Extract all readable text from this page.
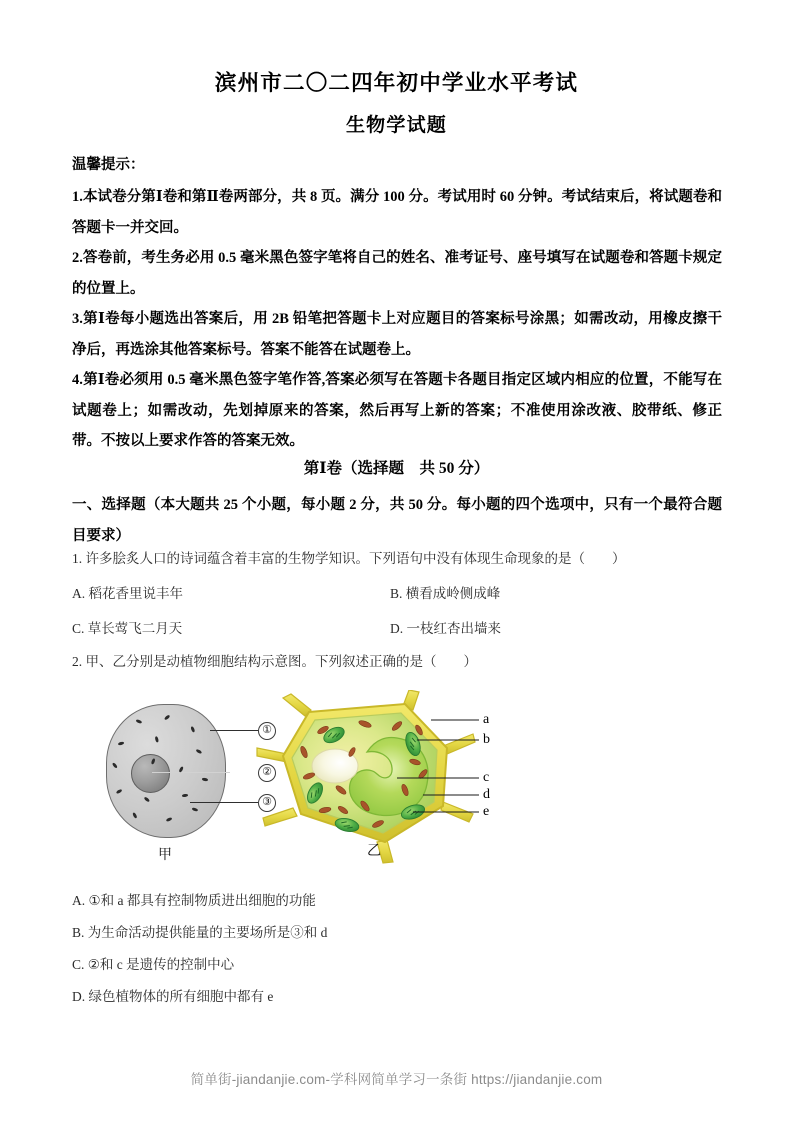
滨州市二〇二四年初中学业水平考试
生物学试题

温馨提示：

1.本试卷分第Ⅰ卷和第Ⅱ卷两部分，共 8 页。满分 100 分。考试用时 60 分钟。考试结束后，将试题卷和答题卡一并交回。

2.答卷前，考生务必用 0.5 毫米黑色签字笔将自己的姓名、准考证号、座号填写在试题卷和答题卡规定的位置上。

3.第Ⅰ卷每小题选出答案后，用 2B 铅笔把答题卡上对应题目的答案标号涂黑；如需改动，用橡皮擦干净后，再选涂其他答案标号。答案不能答在试题卷上。

4.第Ⅰ卷必须用 0.5 毫米黑色签字笔作答,答案必须写在答题卡各题目指定区域内相应的位置，不能写在试题卷上；如需改动，先划掉原来的答案，然后再写上新的答案；不准使用涂改液、胶带纸、修正带。不按以上要求作答的答案无效。

第Ⅰ卷（选择题　共 50 分）
一、选择题（本大题共 25 个小题，每小题 2 分，共 50 分。每小题的四个选项中，只有一个最符合题目要求）
1. 许多脍炙人口的诗词蕴含着丰富的生物学知识。下列语句中没有体现生命现象的是（　　）
A. 稻花香里说丰年	B. 横看成岭侧成峰
C. 草长莺飞二月天	D. 一枝红杏出墙来
2. 甲、乙分别是动植物细胞结构示意图。下列叙述正确的是（　　）
①
②
③
甲
a
b
c
d
e
乙
A. ①和 a 都具有控制物质进出细胞的功能
B. 为生命活动提供能量的主要场所是③和 d
C. ②和 c 是遗传的控制中心
D. 绿色植物体的所有细胞中都有 e
简单街-jiandanjie.com-学科网简单学习一条街 https://jiandanjie.com
